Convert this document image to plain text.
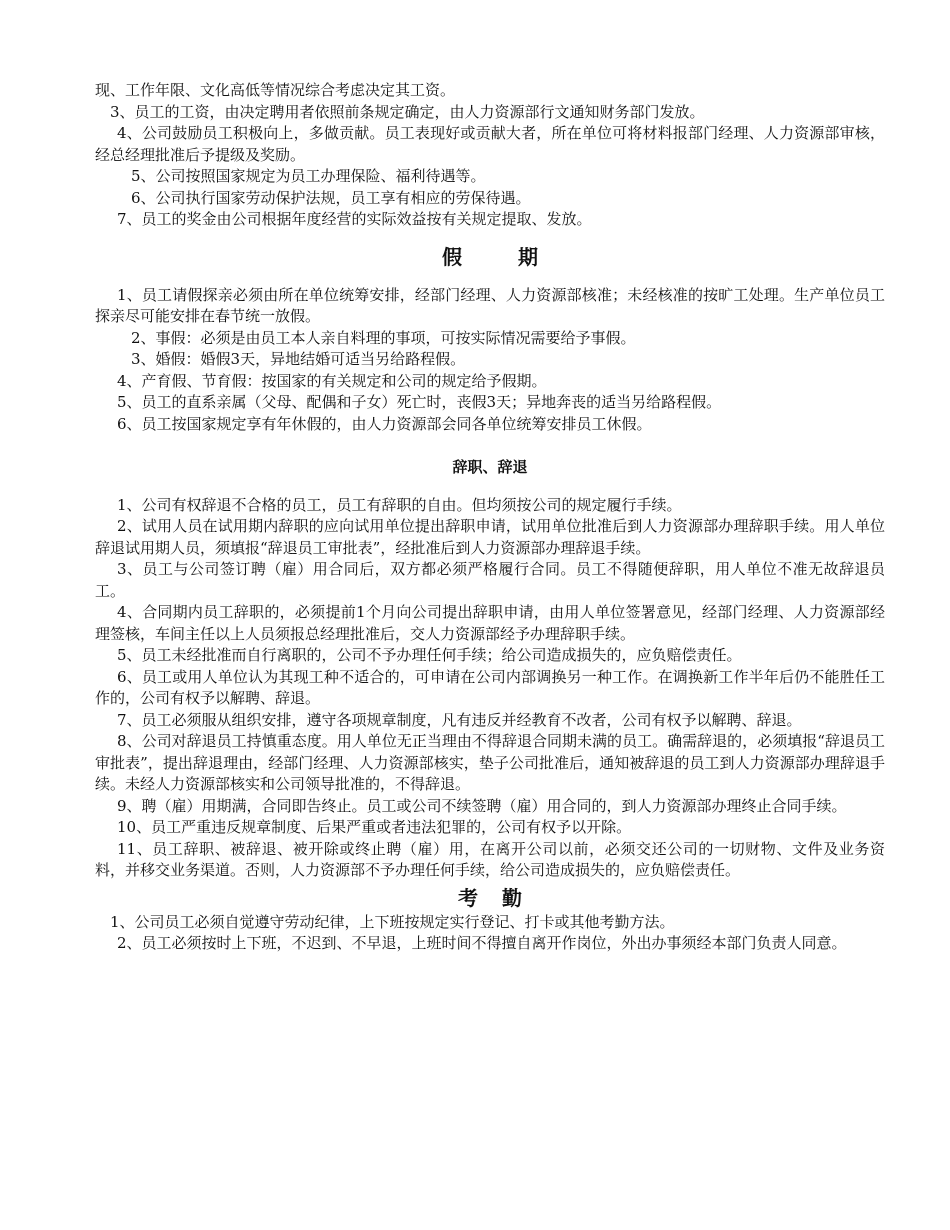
现、工作年限、文化高低等情况综合考虑决定其工资。

3、员工的工资，由决定聘用者依照前条规定确定，由人力资源部行文通知财务部门发放。

4、公司鼓励员工积极向上，多做贡献。员工表现好或贡献大者，所在单位可将材料报部门经理、人力资源部审核，经总经理批准后予提级及奖励。

5、公司按照国家规定为员工办理保险、福利待遇等。

6、公司执行国家劳动保护法规，员工享有相应的劳保待遇。

7、员工的奖金由公司根据年度经营的实际效益按有关规定提取、发放。

假	期

1、员工请假探亲必须由所在单位统筹安排，经部门经理、人力资源部核准；未经核准的按旷工处理。生产单位员工探亲尽可能安排在春节统一放假。

2、事假：必须是由员工本人亲自料理的事项，可按实际情况需要给予事假。

3、婚假：婚假3天，异地结婚可适当另给路程假。

4、产育假、节育假：按国家的有关规定和公司的规定给予假期。

5、员工的直系亲属（父母、配偶和子女）死亡时，丧假3天；异地奔丧的适当另给路程假。

6、员工按国家规定享有年休假的，由人力资源部会同各单位统筹安排员工休假。

辞职、辞退

1、公司有权辞退不合格的员工，员工有辞职的自由。但均须按公司的规定履行手续。

2、试用人员在试用期内辞职的应向试用单位提出辞职申请，试用单位批准后到人力资源部办理辞职手续。用人单位辞退试用期人员，须填报“辞退员工审批表”，经批准后到人力资源部办理辞退手续。

3、员工与公司签订聘（雇）用合同后，双方都必须严格履行合同。员工不得随便辞职，用人单位不准无故辞退员工。

4、合同期内员工辞职的，必须提前1个月向公司提出辞职申请，由用人单位签署意见，经部门经理、人力资源部经理签核，车间主任以上人员须报总经理批准后，交人力资源部经予办理辞职手续。

5、员工未经批准而自行离职的，公司不予办理任何手续；给公司造成损失的，应负赔偿责任。

6、员工或用人单位认为其现工种不适合的，可申请在公司内部调换另一种工作。在调换新工作半年后仍不能胜任工作的，公司有权予以解聘、辞退。

7、员工必须服从组织安排，遵守各项规章制度，凡有违反并经教育不改者，公司有权予以解聘、辞退。

8、公司对辞退员工持慎重态度。用人单位无正当理由不得辞退合同期未满的员工。确需辞退的，必须填报“辞退员工审批表”，提出辞退理由，经部门经理、人力资源部核实，垫子公司批准后，通知被辞退的员工到人力资源部办理辞退手续。未经人力资源部核实和公司领导批准的，不得辞退。

9、聘（雇）用期满，合同即告终止。员工或公司不续签聘（雇）用合同的，到人力资源部办理终止合同手续。

10、员工严重违反规章制度、后果严重或者违法犯罪的，公司有权予以开除。

11、员工辞职、被辞退、被开除或终止聘（雇）用，在离开公司以前，必须交还公司的一切财物、文件及业务资料，并移交业务渠道。否则，人力资源部不予办理任何手续，给公司造成损失的，应负赔偿责任。

考 勤

1、公司员工必须自觉遵守劳动纪律，上下班按规定实行登记、打卡或其他考勤方法。

2、员工必须按时上下班，不迟到、不早退，上班时间不得擅自离开作岗位，外出办事须经本部门负责人同意。
